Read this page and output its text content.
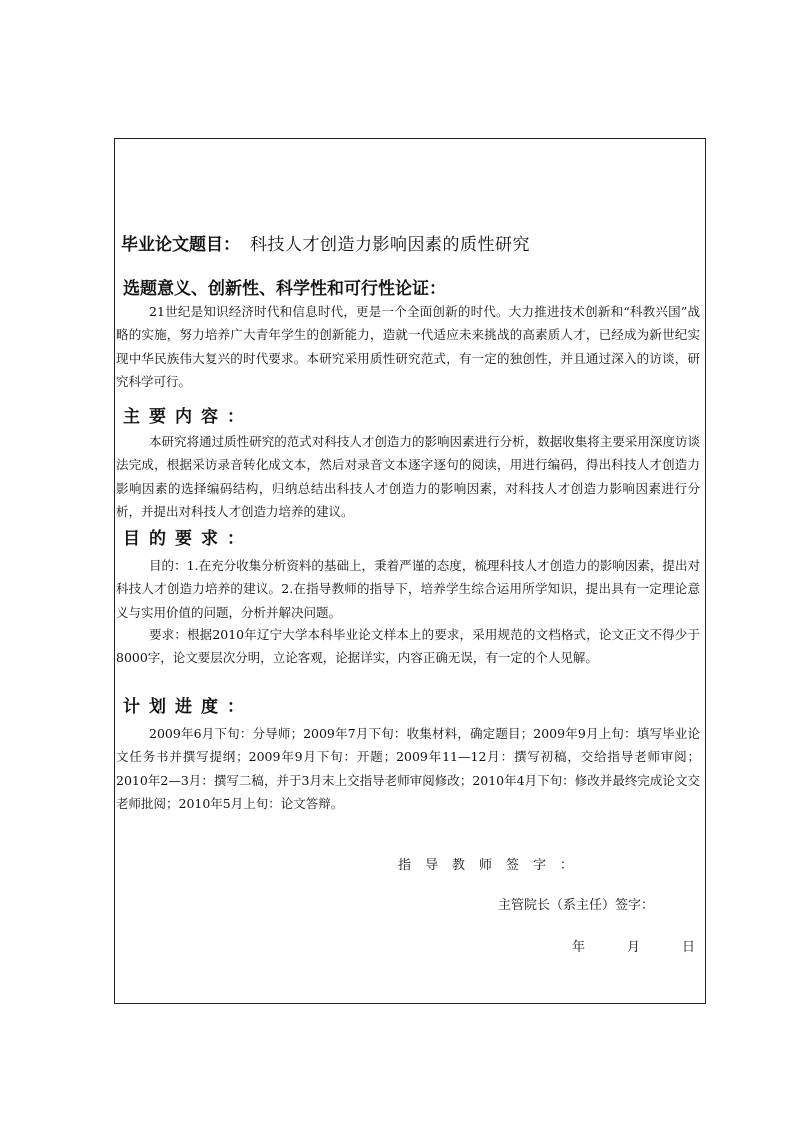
毕业论文题目： 科技人才创造力影响因素的质性研究
选题意义、创新性、科学性和可行性论证：

21世纪是知识经济时代和信息时代，更是一个全面创新的时代。大力推进技术创新和“科教兴国”战略的实施，努力培养广大青年学生的创新能力，造就一代适应未来挑战的高素质人才，已经成为新世纪实现中华民族伟大复兴的时代要求。本研究采用质性研究范式，有一定的独创性，并且通过深入的访谈，研究科学可行。

主要内容：

本研究将通过质性研究的范式对科技人才创造力的影响因素进行分析，数据收集将主要采用深度访谈法完成，根据采访录音转化成文本，然后对录音文本逐字逐句的阅读，用进行编码，得出科技人才创造力影响因素的选择编码结构，归纳总结出科技人才创造力的影响因素，对科技人才创造力影响因素进行分析，并提出对科技人才创造力培养的建议。

目的要求：

目的：1.在充分收集分析资料的基础上，秉着严谨的态度，梳理科技人才创造力的影响因素，提出对科技人才创造力培养的建议。2.在指导教师的指导下，培养学生综合运用所学知识，提出具有一定理论意义与实用价值的问题，分析并解决问题。

要求：根据2010年辽宁大学本科毕业论文样本上的要求，采用规范的文档格式，论文正文不得少于8000字，论文要层次分明，立论客观，论据详实，内容正确无误，有一定的个人见解。

计划进度：

2009年6月下旬：分导师；2009年7月下旬：收集材料，确定题目；2009年9月上旬：填写毕业论文任务书并撰写提纲；2009年9月下旬：开题；2009年11—12月：撰写初稿，交给指导老师审阅；2010年2—3月：撰写二稿，并于3月末上交指导老师审阅修改；2010年4月下旬：修改并最终完成论文交老师批阅；2010年5月上旬：论文答辩。

指导教师签字：
主管院长（系主任）签字：
年	月	日
